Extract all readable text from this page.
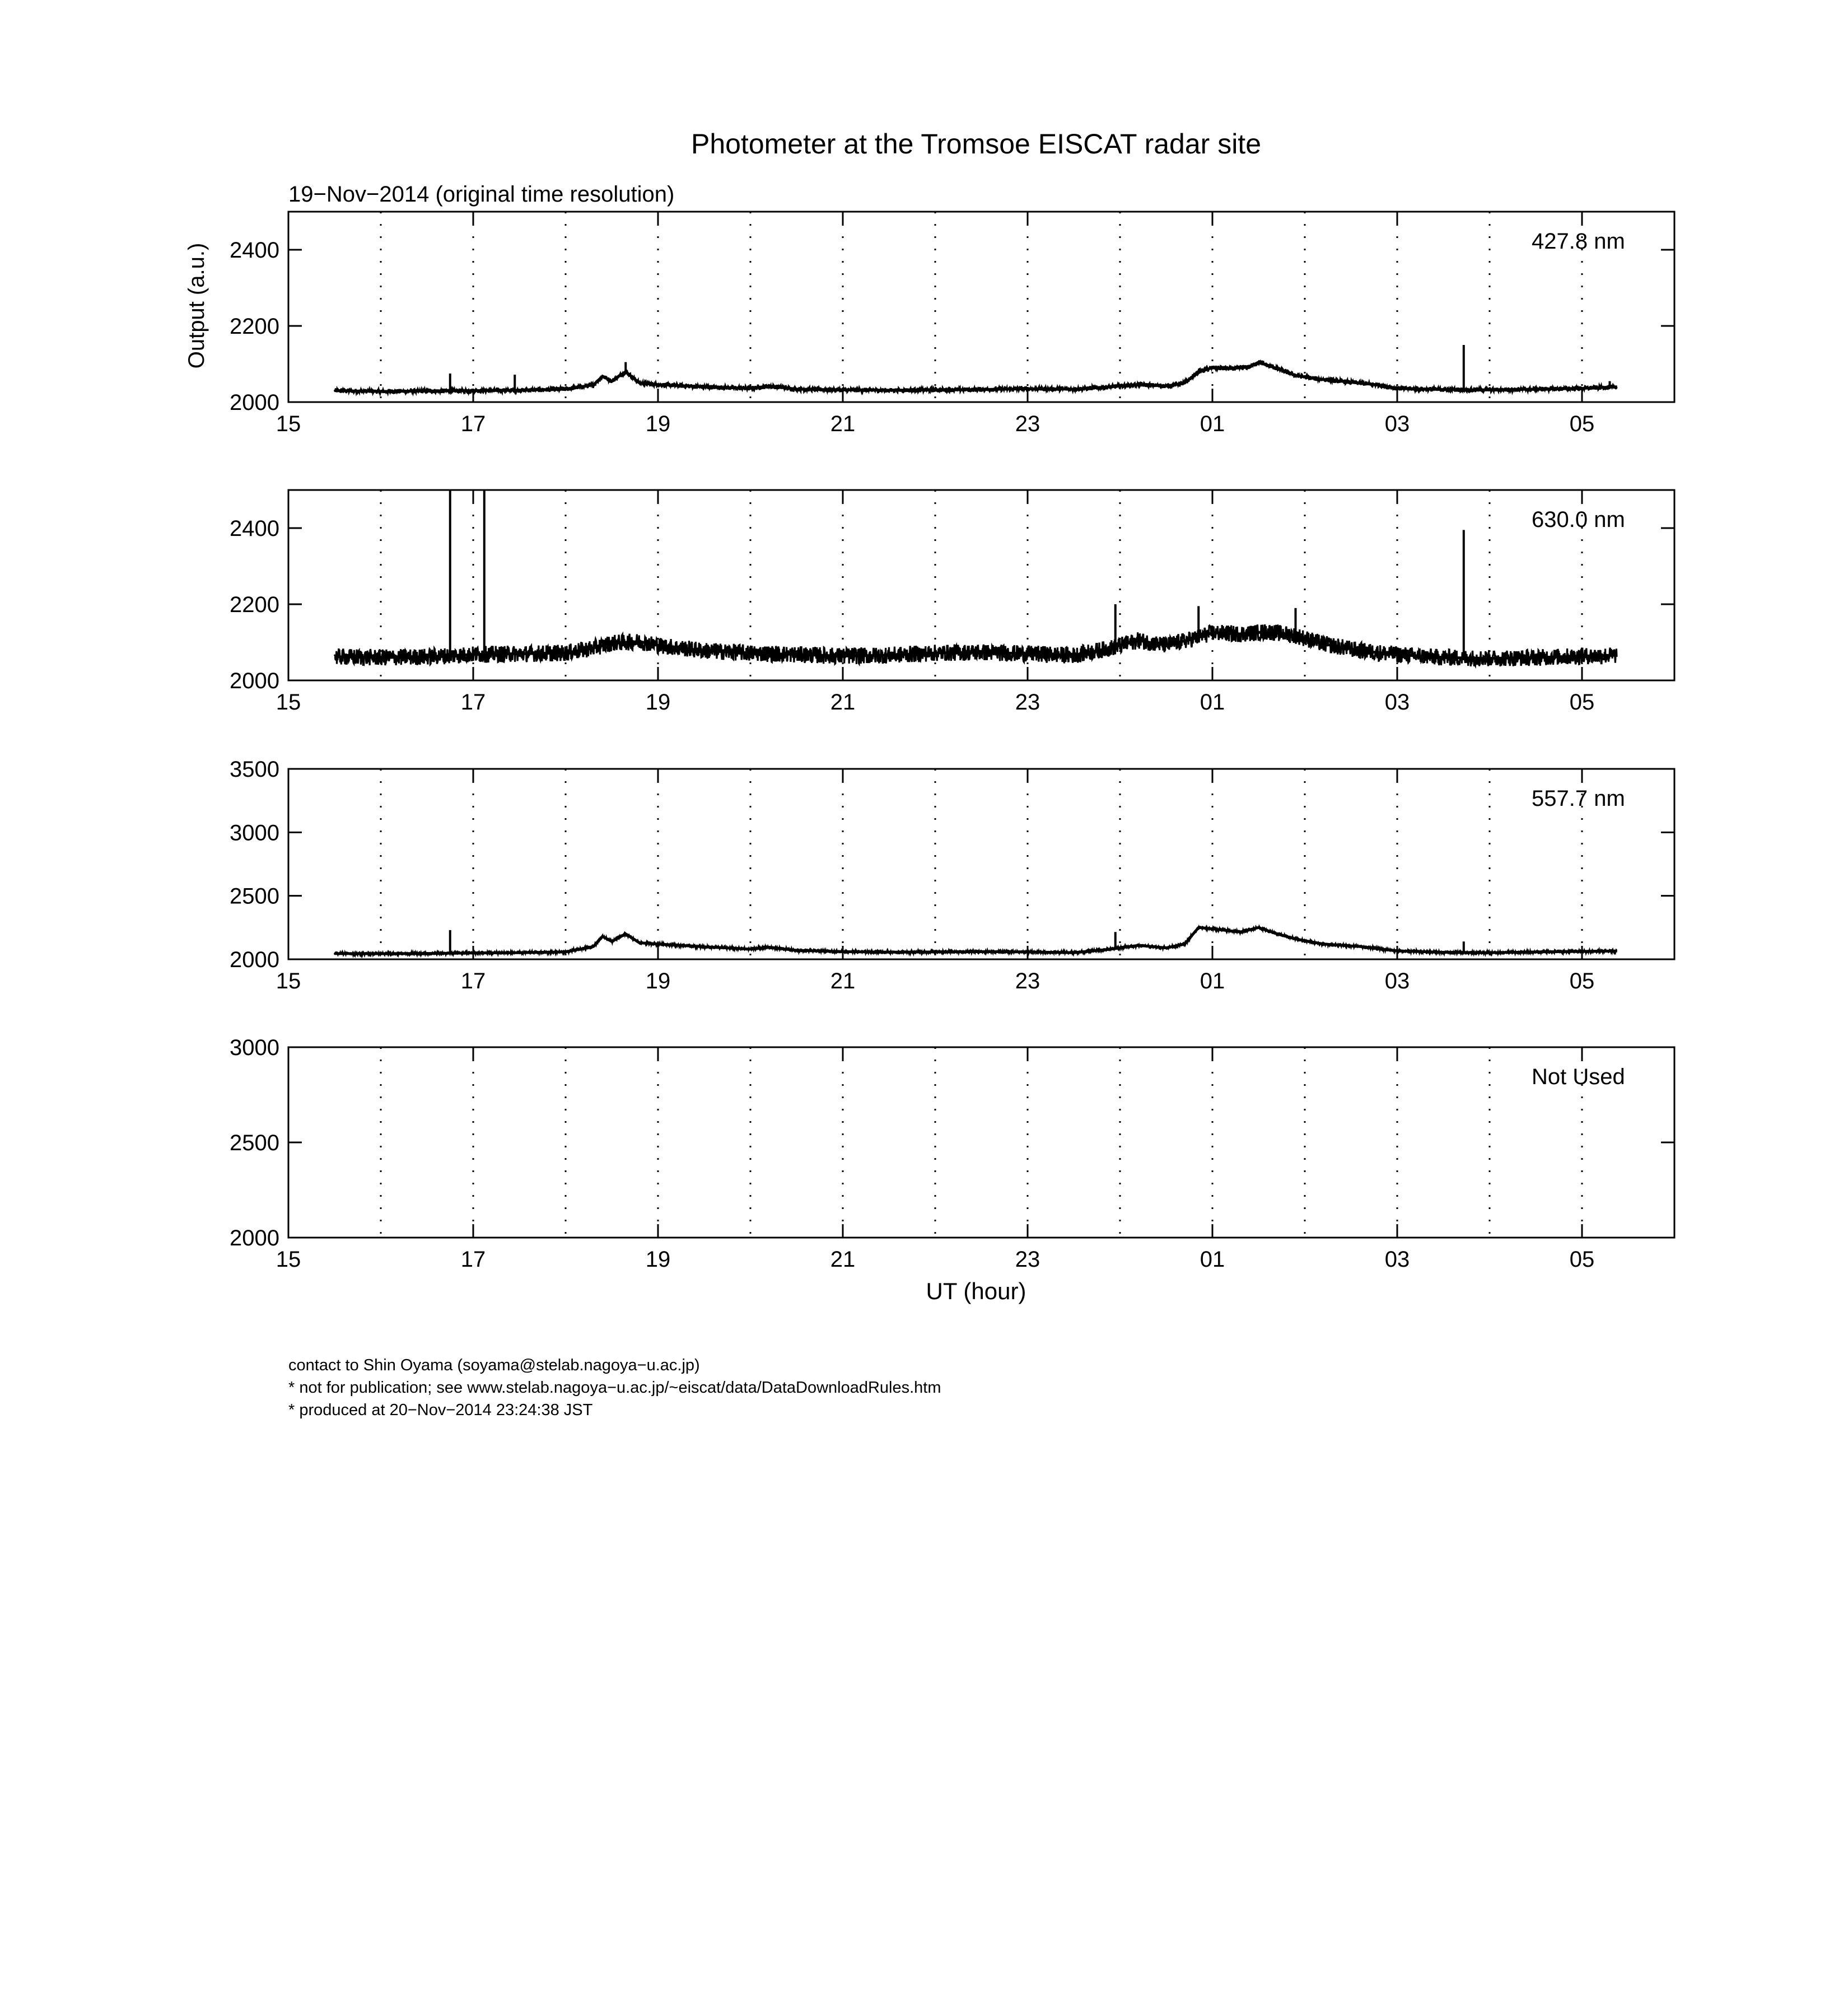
Photometer at the Tromsoe EISCAT radar site
19−Nov−2014 (original time resolution)
Output (a.u.)
UT (hour)
15	17	19	21	23	01	03	05
2000
2200
2400	427.8 nm
15	17	19	21	23	01	03	05
2000
2200
2400	630.0 nm
15	17	19	21	23	01	03	05
2000
2500
3000
3500
557.7 nm
15	17	19	21	23	01	03	05
2000
2500
3000
Not Used
contact to Shin Oyama (soyama@stelab.nagoya−u.ac.jp)
* not for publication; see www.stelab.nagoya−u.ac.jp/~eiscat/data/DataDownloadRules.htm
* produced at 20−Nov−2014 23:24:38 JST
